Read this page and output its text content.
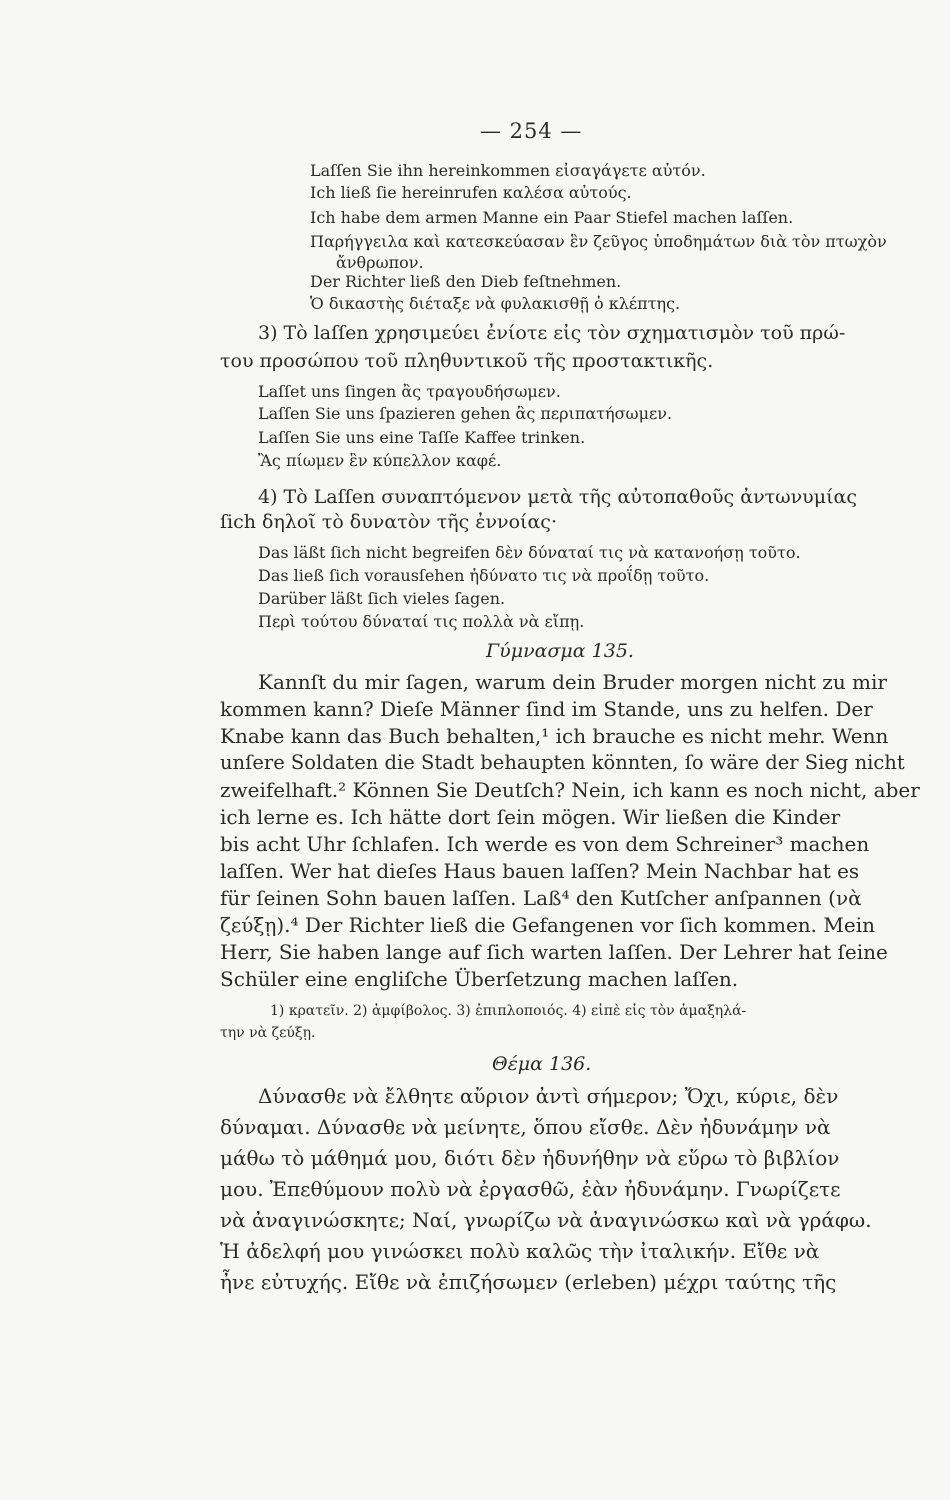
— 254 —
Laſſen Sie ihn hereinkommen εἰσαγάγετε αὐτόν.
Ich ließ ſie hereinrufen καλέσα αὐτούς.
Ich habe dem armen Manne ein Paar Stiefel machen laſſen.
Παρήγγειλα καὶ κατεσκεύασαν ἓν ζεῦγος ὑποδημάτων διὰ τὸν πτωχὸν
ἄνθρωπον.
Der Richter ließ den Dieb feſtnehmen.
Ὁ δικαστὴς διέταξε νὰ φυλακισθῇ ὁ κλέπτης.
3) Τὸ laſſen χρησιμεύει ἐνίοτε εἰς τὸν σχηματισμὸν τοῦ πρώ-
του προσώπου τοῦ πληθυντικοῦ τῆς προστακτικῆς.
Laſſet uns ſingen ἂς τραγουδήσωμεν.
Laſſen Sie uns ſpazieren gehen ἂς περιπατήσωμεν.
Laſſen Sie uns eine Taſſe Kaffee trinken.
Ἂς πίωμεν ἓν κύπελλον καφέ.
4) Τὸ Laſſen συναπτόμενον μετὰ τῆς αὐτοπαθοῦς ἀντωνυμίας
ſich δηλοῖ τὸ δυνατὸν τῆς ἐννοίας·
Das läßt ſich nicht begreifen δὲν δύναταί τις νὰ κατανοήσῃ τοῦτο.
Das ließ ſich vorausſehen ἠδύνατο τις νὰ προΐδῃ τοῦτο.
Darüber läßt ſich vieles ſagen.
Περὶ τούτου δύναταί τις πολλὰ νὰ εἴπῃ.
Γύμνασμα 135.
Kannſt du mir ſagen, warum dein Bruder morgen nicht zu mir
kommen kann? Dieſe Männer ſind im Stande, uns zu helfen. Der
Knabe kann das Buch behalten,¹ ich brauche es nicht mehr. Wenn
unſere Soldaten die Stadt behaupten könnten, ſo wäre der Sieg nicht
zweifelhaft.² Können Sie Deutſch? Nein, ich kann es noch nicht, aber
ich lerne es. Ich hätte dort ſein mögen. Wir ließen die Kinder
bis acht Uhr ſchlafen. Ich werde es von dem Schreiner³ machen
laſſen. Wer hat dieſes Haus bauen laſſen? Mein Nachbar hat es
für ſeinen Sohn bauen laſſen. Laß⁴ den Kutſcher anſpannen (νὰ
ζεύξῃ).⁴ Der Richter ließ die Gefangenen vor ſich kommen. Mein
Herr, Sie haben lange auf ſich warten laſſen. Der Lehrer hat ſeine
Schüler eine engliſche Überſetzung machen laſſen.
1) κρατεῖν. 2) ἀμφίβολος. 3) ἐπιπλοποιός. 4) εἰπὲ εἰς τὸν ἁμαξηλά-
την νὰ ζεύξῃ.
Θέμα 136.
Δύνασθε νὰ ἔλθητε αὔριον ἀντὶ σήμερον; Ὄχι, κύριε, δὲν
δύναμαι. Δύνασθε νὰ μείνητε, ὅπου εἴσθε. Δὲν ἠδυνάμην νὰ
μάθω τὸ μάθημά μου, διότι δὲν ἠδυνήθην νὰ εὕρω τὸ βιβλίον
μου. Ἐπεθύμουν πολὺ νὰ ἐργασθῶ, ἐὰν ἠδυνάμην. Γνωρίζετε
νὰ ἀναγινώσκητε; Ναί, γνωρίζω νὰ ἀναγινώσκω καὶ νὰ γράφω.
Ἡ ἀδελφή μου γινώσκει πολὺ καλῶς τὴν ἰταλικήν. Εἴθε νὰ
ἦνε εὐτυχής. Εἴθε νὰ ἐπιζήσωμεν (erleben) μέχρι ταύτης τῆς
